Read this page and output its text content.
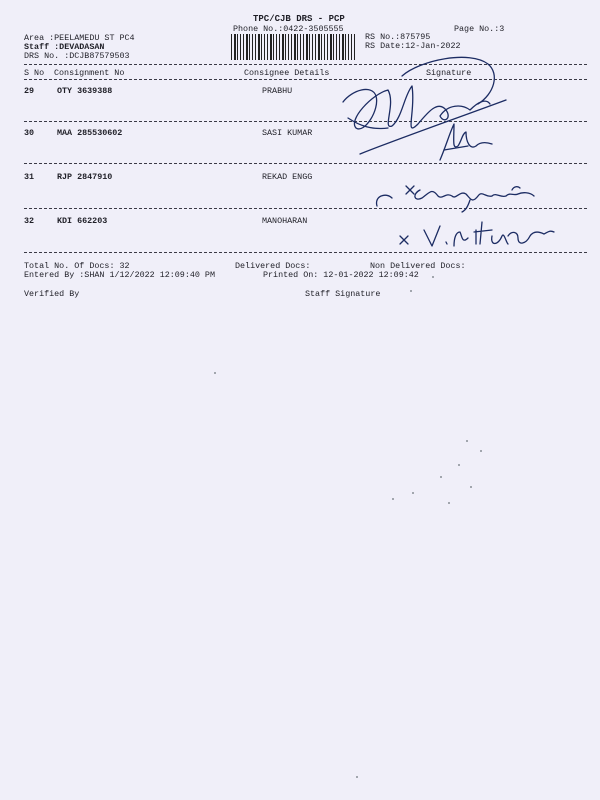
TPC/CJB DRS - PCP
Phone No.:0422-3505555	Page No.:3
Area :PEELAMEDU ST PC4
Staff :DEVADASAN
DRS No. :DCJB87579503
RS No.:875795
RS Date:12-Jan-2022
S No Consignment No	Consignee Details	Signature
29	OTY 3639388	PRABHU
30	MAA 285530602	SASI KUMAR
31	RJP 2847910	REKAD ENGG
32	KDI 662203	MANOHARAN
Total No. Of Docs: 32	Delivered Docs:	Non Delivered Docs:
Entered By :SHAN 1/12/2022 12:09:40 PM	Printed On: 12-01-2022 12:09:42
Verified By	Staff Signature
